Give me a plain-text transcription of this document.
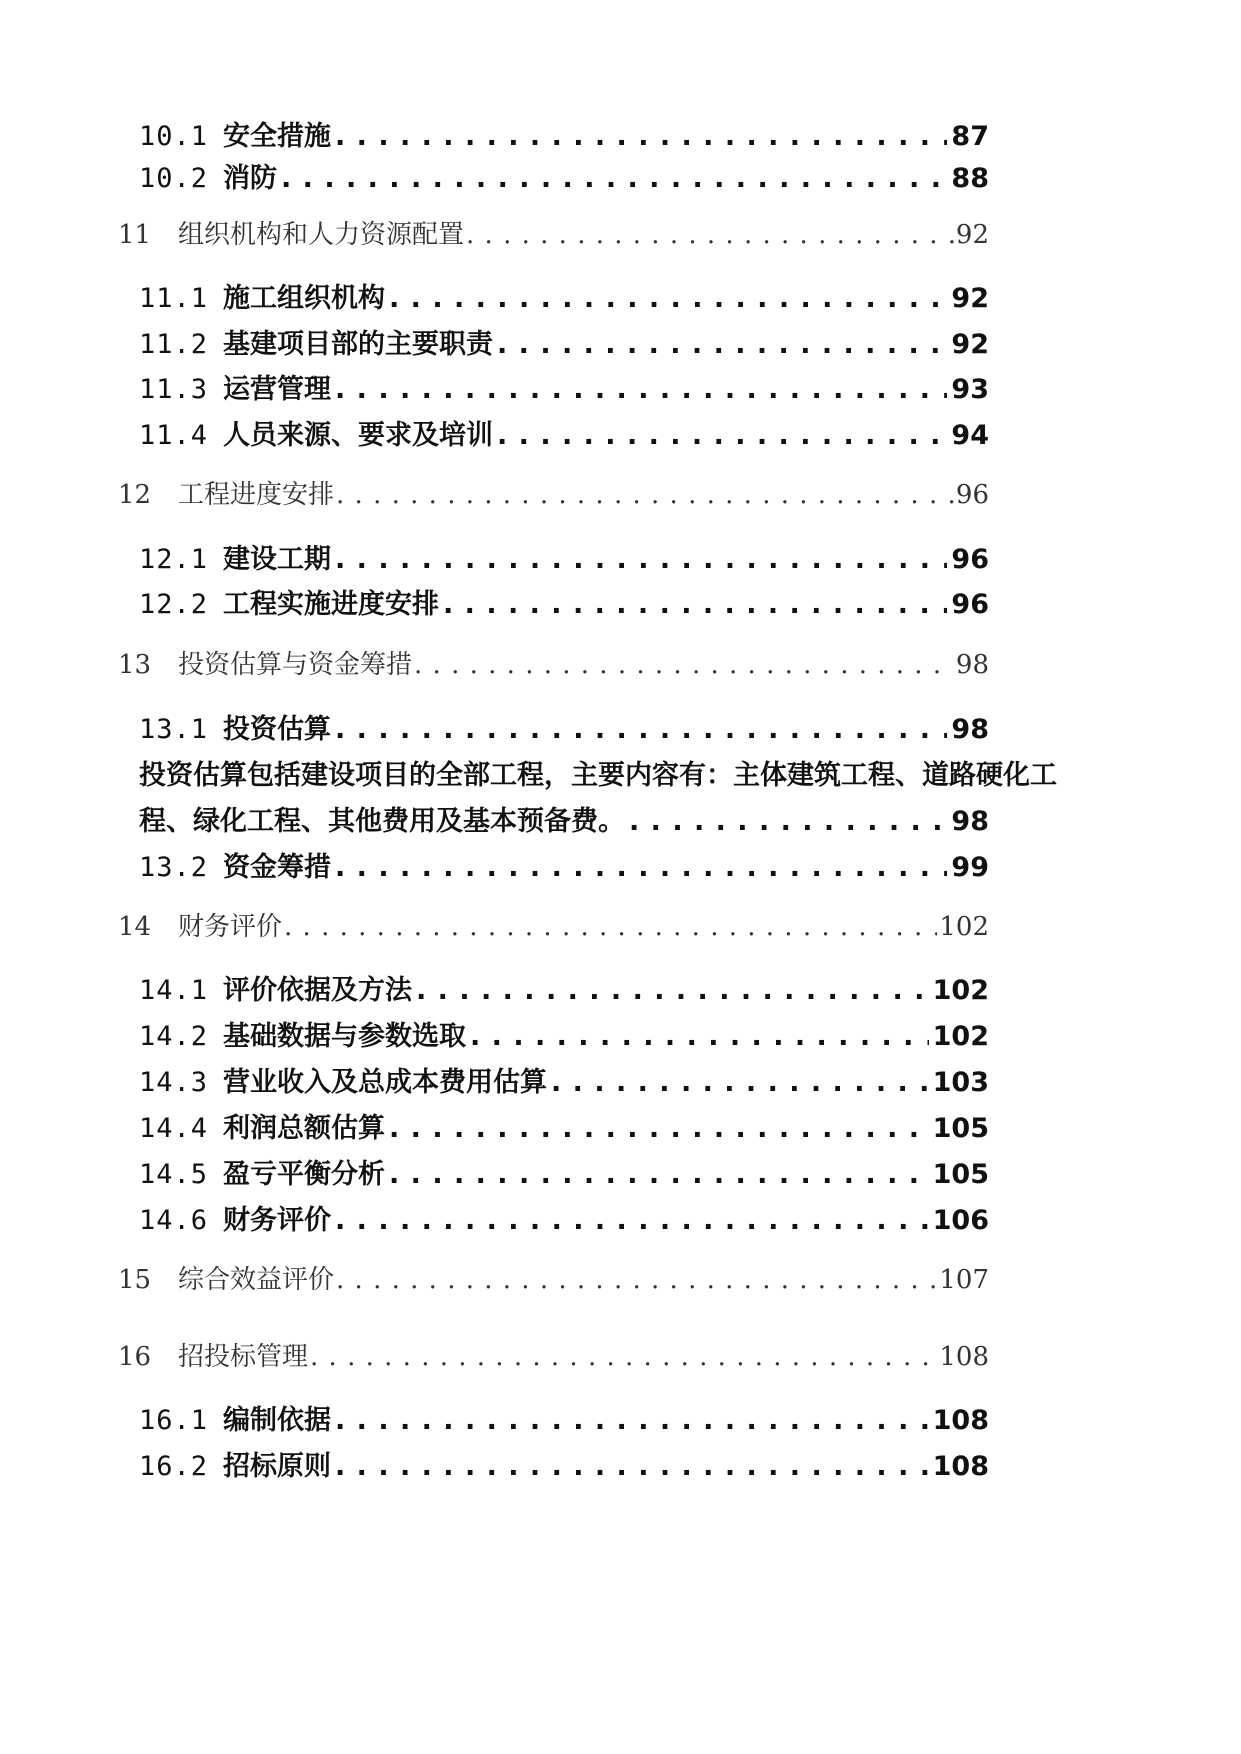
10.1 安全措施 . . .	87
10.2 消防 . . .	88
11	组织机构和人力资源配置 . . .	92
11.1 施工组织机构 . . .	92
11.2 基建项目部的主要职责 . . .	92
11.3 运营管理 . . .	93
11.4 人员来源、要求及培训 . . .	94
12	工程进度安排 . . .	96
12.1 建设工期 . . .	96
12.2 工程实施进度安排 . . .	96
13	投资估算与资金筹措 . . .	98
13.1 投资估算 . . .	98
投资估算包括建设项目的全部工程，主要内容有：主体建筑工程、道路硬化工
程、绿化工程、其他费用及基本预备费。 . . .	98
13.2 资金筹措 . . .	99
14	财务评价 . . .	102
14.1 评价依据及方法 . . .	102
14.2 基础数据与参数选取 . . .	102
14.3 营业收入及总成本费用估算 . . .	103
14.4 利润总额估算 . . .	105
14.5 盈亏平衡分析 . . .	105
14.6 财务评价 . . .	106
15	综合效益评价 . . .	107
16	招投标管理 . . .	108
16.1 编制依据 . . .	108
16.2 招标原则 . . .	108
